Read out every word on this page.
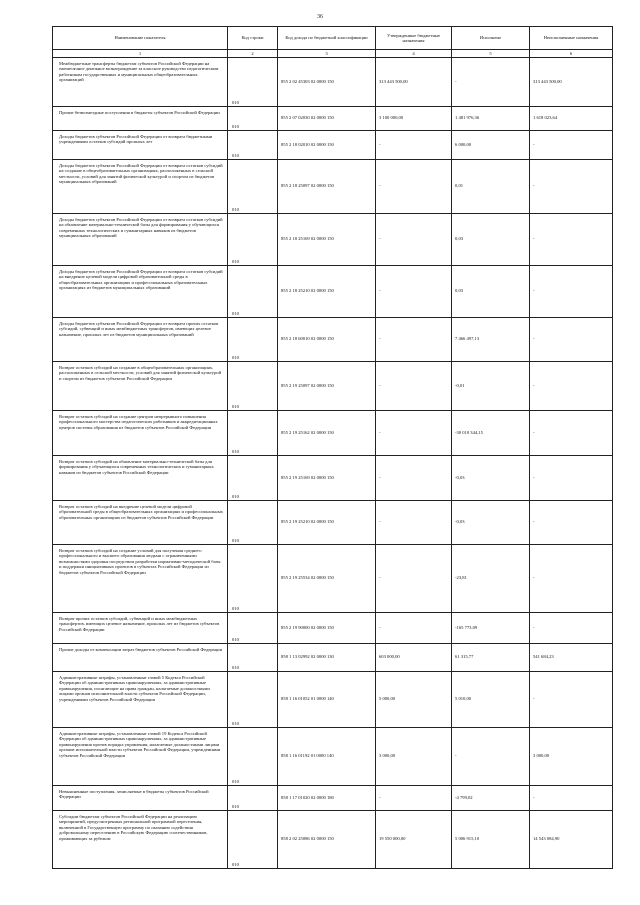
36
Наименование показателя	Код строки	Код дохода по бюджетной классификации	Утвержденные бюджетные назначения	Исполнено	Неисполненные назначения
1	2	3	4	5	6
Межбюджетные трансферты бюджетам субъектов Российской Федерации на ежемесячное денежное вознаграждение за классное руководство педагогическим работникам государственных и муниципальных общеобразовательных организаций	010	855 2 02 45303 02 0000 150	313 443 500,00	-	313 443 500,00
Прочие безвозмездные поступления в бюджеты субъектов Российской Федерации	010	855 2 07 02030 02 0000 150	3 100 000,00	1 481 976,36	1 618 023,64
Доходы бюджетов субъектов Российской Федерации от возврата бюджетными учреждениями остатков субсидий прошлых лет	010	855 2 18 02010 02 0000 150	-	6 000,00	-
Доходы бюджетов субъектов Российской Федерации от возврата остатков субсидий на создание в общеобразовательных организациях, расположенных в сельской местности, условий для занятий физической культурой и спортом из бюджетов муниципальных образований	010	855 2 18 25097 02 0000 150	-	0,01	-
Доходы бюджетов субъектов Российской Федерации от возврата остатков субсидий на обновление материально-технической базы для формирования у обучающихся современных технологических и гуманитарных навыков из бюджетов муниципальных образований	010	855 2 18 25169 02 0000 150	-	0,03	-
Доходы бюджетов субъектов Российской Федерации от возврата остатков субсидий на внедрение целевой модели цифровой образовательной среды в общеобразовательных организациях и профессиональных образовательных организациях из бюджетов муниципальных образований	010	855 2 18 25210 02 0000 150	-	0,03	-
Доходы бюджетов субъектов Российской Федерации от возврата прочих остатков субсидий, субвенций и иных межбюджетных трансфертов, имеющих целевое назначение, прошлых лет из бюджетов муниципальных образований	010	855 2 18 60010 02 0000 150	-	7 466 497,13	-
Возврат остатков субсидий на создание в общеобразовательных организациях, расположенных в сельской местности, условий для занятий физической культурой и спортом из бюджетов субъектов Российской Федерации	010	855 2 19 25097 02 0000 150	-	-0,01	-
Возврат остатков субсидий на создание центров непрерывного повышения профессионального мастерства педагогических работников и аккредитационных центров системы образования из бюджетов субъектов Российской Федерации	010	855 2 19 25162 02 0000 150	-	-30 010 344,15	-
Возврат остатков субсидий на обновление материально-технической базы для формирования у обучающихся современных технологических и гуманитарных навыков из бюджетов субъектов Российской Федерации	010	855 2 19 25169 02 0000 150	-	-0,03	-
Возврат остатков субсидий на внедрение целевой модели цифровой образовательной среды в общеобразовательных организациях и профессиональных образовательных организациях из бюджетов субъектов Российской Федерации	010	855 2 19 25210 02 0000 150	-	-0,03	-
Возврат остатков субсидий на создание условий для получения среднего профессионального и высшего образования людьми с ограниченными возможностями здоровья посредством разработки нормативно-методической базы и поддержки инициативных проектов в субъектах Российской Федерации из бюджетов субъектов Российской Федерации	010	855 2 19 25534 02 0000 150	-	-23,81	-
Возврат прочих остатков субсидий, субвенций и иных межбюджетных трансфертов, имеющих целевое назначение, прошлых лет из бюджетов субъектов Российской Федерации	010	855 2 19 90000 02 0000 150	-	-165 773,09	-
Прочие доходы от компенсации затрат бюджетов субъектов Российской Федерации	010	858 1 13 02992 02 0000 130	603 000,00	61 315,77	541 684,23
Административные штрафы, установленные главой 5 Кодекса Российской Федерации об административных правонарушениях, за административные правонарушения, посягающие на права граждан, налагаемые должностными лицами органов исполнительной власти субъектов Российской Федерации, учреждениями субъектов Российской Федерации	010	858 1 16 01052 01 0000 140	5 000,00	5 010,00	-
Административные штрафы, установленные главой 19 Кодекса Российской Федерации об административных правонарушениях, за административные правонарушения против порядка управления, налагаемые должностными лицами органов исполнительной власти субъектов Российской Федерации, учреждениями субъектов Российской Федерации	010	858 1 16 01192 01 0000 140	3 000,00	-	3 000,00
Невыясненные поступления, зачисляемые в бюджеты субъектов Российской Федерации	010	858 1 17 01020 02 0000 180	-	-4 799,02	-
Субсидии бюджетам субъектов Российской Федерации на реализацию мероприятий, предусмотренных региональной программой переселения, включенной в Государственную программу по оказанию содействия добровольному переселению в Российскую Федерацию соотечественников, проживающих за рубежом	010	858 2 02 25086 02 0000 150	19 550 000,00	5 006 915,10	14 543 084,90
